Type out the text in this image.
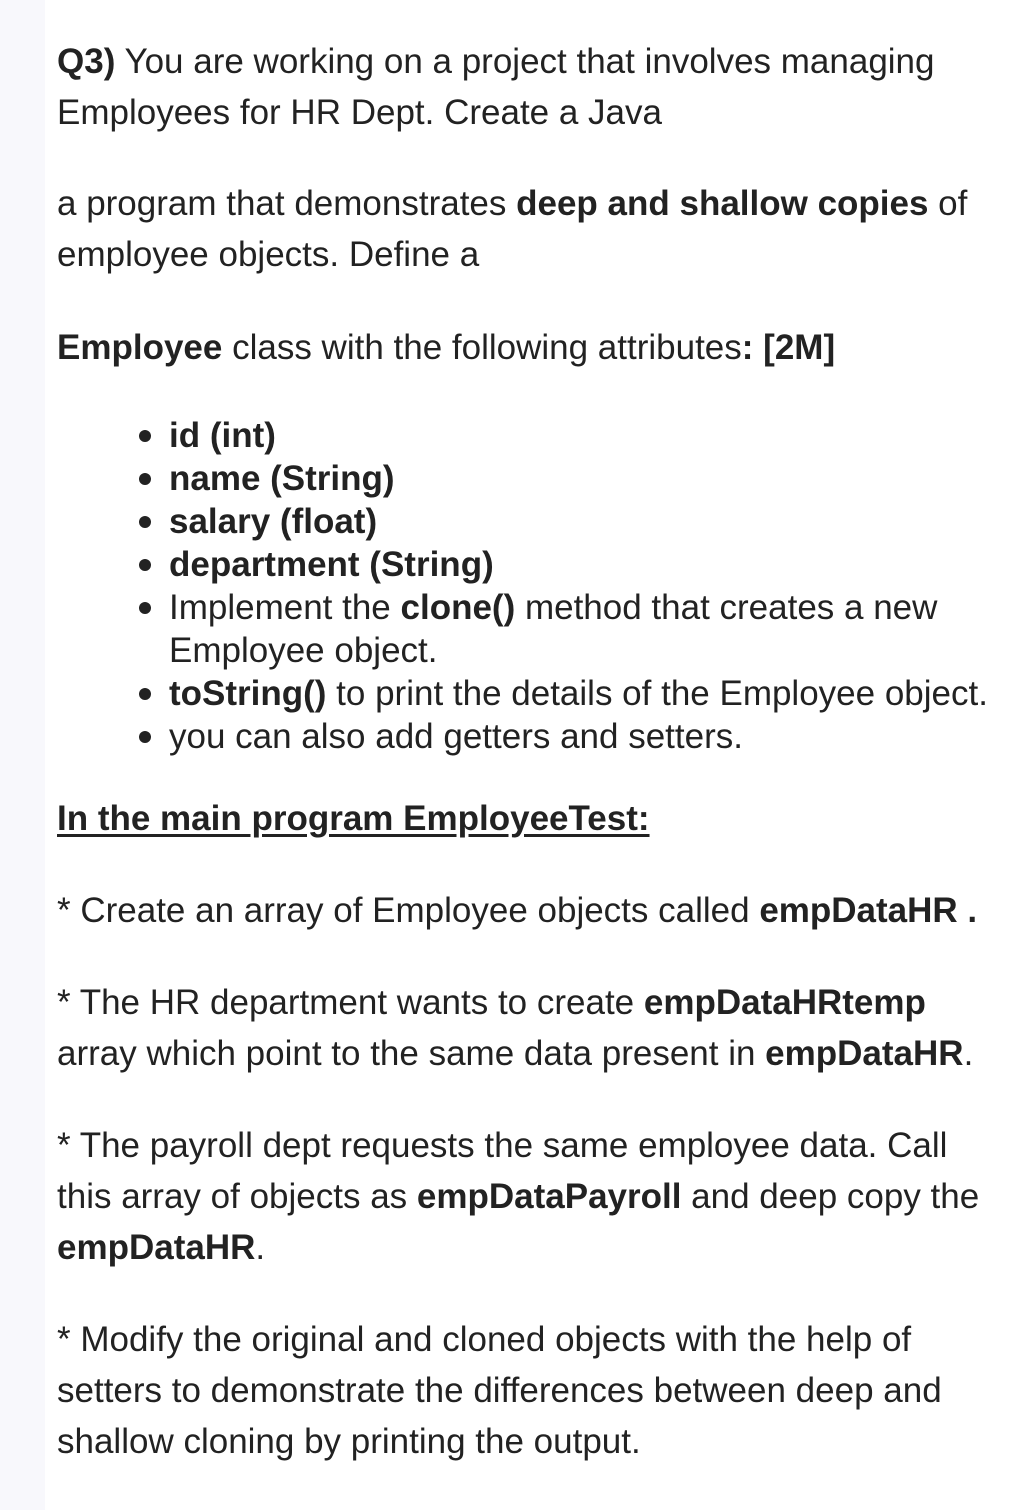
Q3) You are working on a project that involves managing
Employees for HR Dept. Create a Java

a program that demonstrates deep and shallow copies of
employee objects. Define a

Employee class with the following attributes: [2M]

id (int)
name (String)
salary (float)
department (String)
Implement the clone() method that creates a new
Employee object.
toString() to print the details of the Employee object.
you can also add getters and setters.

In the main program EmployeeTest:

* Create an array of Employee objects called empDataHR .

* The HR department wants to create empDataHRtemp
array which point to the same data present in empDataHR.

* The payroll dept requests the same employee data. Call
this array of objects as empDataPayroll and deep copy the
empDataHR.

* Modify the original and cloned objects with the help of
setters to demonstrate the differences between deep and
shallow cloning by printing the output.
